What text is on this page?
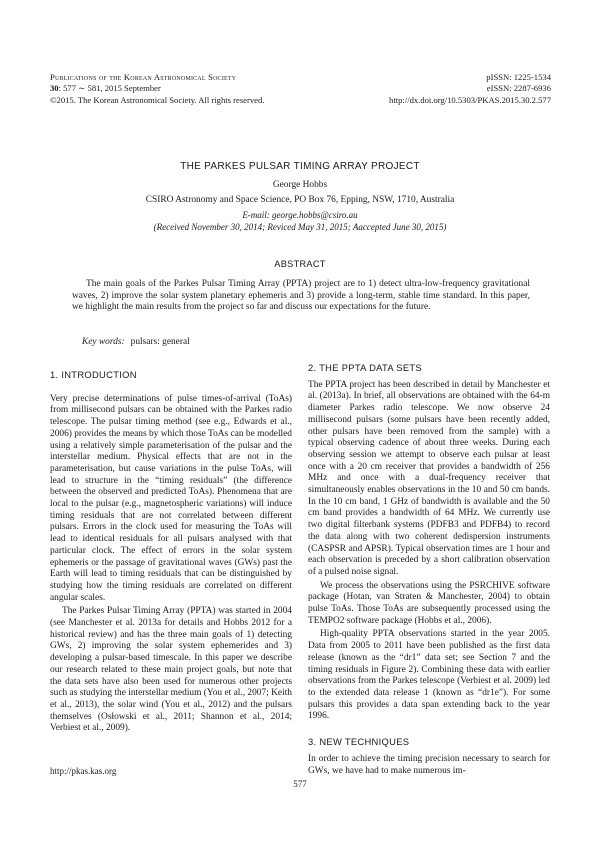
Publications of the Korean Astronomical Society
30: 577 ∼ 581, 2015 September
©2015. The Korean Astronomical Society. All rights reserved.
pISSN: 1225-1534
eISSN: 2287-6936
http://dx.doi.org/10.5303/PKAS.2015.30.2.577
THE PARKES PULSAR TIMING ARRAY PROJECT
George Hobbs
CSIRO Astronomy and Space Science, PO Box 76, Epping, NSW, 1710, Australia
E-mail: george.hobbs@csiro.au
(Received November 30, 2014; Reviced May 31, 2015; Aaccepted June 30, 2015)
ABSTRACT
The main goals of the Parkes Pulsar Timing Array (PPTA) project are to 1) detect ultra-low-frequency gravitational waves, 2) improve the solar system planetary ephemeris and 3) provide a long-term, stable time standard. In this paper, we highlight the main results from the project so far and discuss our expectations for the future.
Key words: pulsars: general
1. INTRODUCTION

Very precise determinations of pulse times-of-arrival (ToAs) from millisecond pulsars can be obtained with the Parkes radio telescope. The pulsar timing method (see e.g., Edwards et al., 2006) provides the means by which those ToAs can be modelled using a relatively simple parameterisation of the pulsar and the interstellar medium. Physical effects that are not in the parameterisation, but cause variations in the pulse ToAs, will lead to structure in the “timing residuals” (the difference between the observed and predicted ToAs). Phenomena that are local to the pulsar (e.g., magnetospheric variations) will induce timing residuals that are not correlated between different pulsars. Errors in the clock used for measuring the ToAs will lead to identical residuals for all pulsars analysed with that particular clock. The effect of errors in the solar system ephemeris or the passage of gravitational waves (GWs) past the Earth will lead to timing residuals that can be distinguished by studying how the timing residuals are correlated on different angular scales.

The Parkes Pulsar Timing Array (PPTA) was started in 2004 (see Manchester et al. 2013a for details and Hobbs 2012 for a historical review) and has the three main goals of 1) detecting GWs, 2) improving the solar system ephemerides and 3) developing a pulsar-based timescale. In this paper we describe our research related to these main project goals, but note that the data sets have also been used for numerous other projects such as studying the interstellar medium (You et al., 2007; Keith et al., 2013), the solar wind (You et al., 2012) and the pulsars themselves (Osłowski et al., 2011; Shannon et al., 2014; Verbiest et al., 2009).

2. THE PPTA DATA SETS

The PPTA project has been described in detail by Manchester et al. (2013a). In brief, all observations are obtained with the 64-m diameter Parkes radio telescope. We now observe 24 millisecond pulsars (some pulsars have been recently added, other pulsars have been removed from the sample) with a typical observing cadence of about three weeks. During each observing session we attempt to observe each pulsar at least once with a 20 cm receiver that provides a bandwidth of 256 MHz and once with a dual-frequency receiver that simultaneously enables observations in the 10 and 50 cm bands. In the 10 cm band, 1 GHz of bandwidth is available and the 50 cm band provides a bandwidth of 64 MHz. We currently use two digital filterbank systems (PDFB3 and PDFB4) to record the data along with two coherent dedispersion instruments (CASPSR and APSR). Typical observation times are 1 hour and each observation is preceded by a short calibration observation of a pulsed noise signal.

We process the observations using the PSRCHIVE software package (Hotan, van Straten & Manchester, 2004) to obtain pulse ToAs. Those ToAs are subsequently processed using the TEMPO2 software package (Hobbs et al., 2006).

High-quality PPTA observations started in the year 2005. Data from 2005 to 2011 have been published as the first data release (known as the “dr1” data set; see Section 7 and the timing residuals in Figure 2). Combining these data with earlier observations from the Parkes telescope (Verbiest et al. 2009) led to the extended data release 1 (known as “dr1e”). For some pulsars this provides a data span extending back to the year 1996.

3. NEW TECHNIQUES

In order to achieve the timing precision necessary to search for GWs, we have had to make numerous im-

http://pkas.kas.org
577
